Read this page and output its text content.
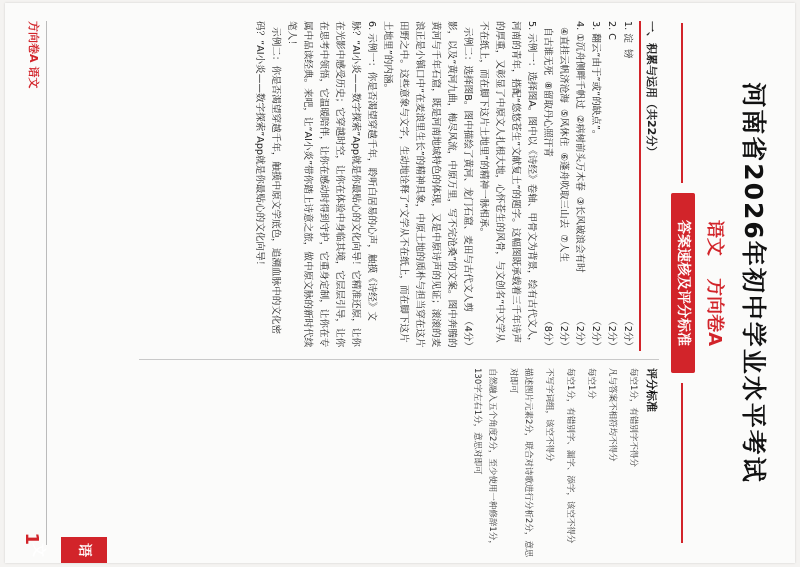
河南省2026年初中学业水平考试
语文 方向卷A
答案速核及评分标准
一、积累与运用（共22分）
（2分）
1. 淀  镑
（2分）
2. C
（2分）
3. 翻云“由于”或“的缺点”。
（2分）
4. ①沉舟侧畔千帆过  ②病树前头万木春  ③长风破浪会有时
（2分）
④直挂云帆济沧海  ⑤风休住  ⑥蓬舟吹取三山去  ⑦人生
（8分）
自古谁无死  ⑧留取丹心照汗青
5. 示例一：选择图A。图中以《诗经》卷轴、甲骨文为背景，绘有古代文人，河南的青年，搭配“悠悠苍生”文献复土”的题字。这幅图既承载着三千年诗声的厚重，又彰显了中原文人扎根大地，心怀苍生的风骨，与文创名“中文学从不在纸上，而在脚下这片土地里”的精神一脉相承。
（4分）
示例二：选择图B。图中描绘了黄河、龙门石窟、麦田与古代文人剪影，以及“黄河九曲，梅尽风流，中原万里，写不完沧桑”的文案。图中奔腾的黄河与千年石窟，既是河南地域特色的体现，又是中原诗声的见证；滚滚的麦浪正是小镇口中“在麦浪里生长”的精神具象，中原土地的质朴与担当穿在这片田野之中。这些意象与文字，生动地诠释了“文学从不在纸上，而在脚下这片土地里”的内涵。
6. 示例一：你是否渴望穿越千年，聆听白居易的心声，触摸《诗经》文脉？“AI小炎——数字探索”App就是你最贴心的文化向导！它精准还原，让你在光影中感受历史；它穿越时空，让你在体验中身临其境，它层层引导，让你在思考中领悟，它温暖陪伴，让你在感动时得到守护，它重身定制，让你在专属中品读经典。来吧，让“AI小炎”带你踏上诗意之旅，做中原文脉的新时代续笔人！
示例二：你是否渴望穿越千年，触摸中原文学底色，追溯血脉中的文化密码？“AI小炎——数字探索”App就是你最贴心的文化向导！
评分标准
每空1分，有错别字不得分
凡与答案不相符均不得分
每空1分
每空1分，有错别字、漏字、添字，该空不得分
不写字词组，该空不得分
描述图片元素2分，联合对诗歌进行分析2分，意思对即可
自然融入五个角度2分，至少使用一种修辞1分，130字左右1分，意思对即可
语文
方向卷A 语文
1
